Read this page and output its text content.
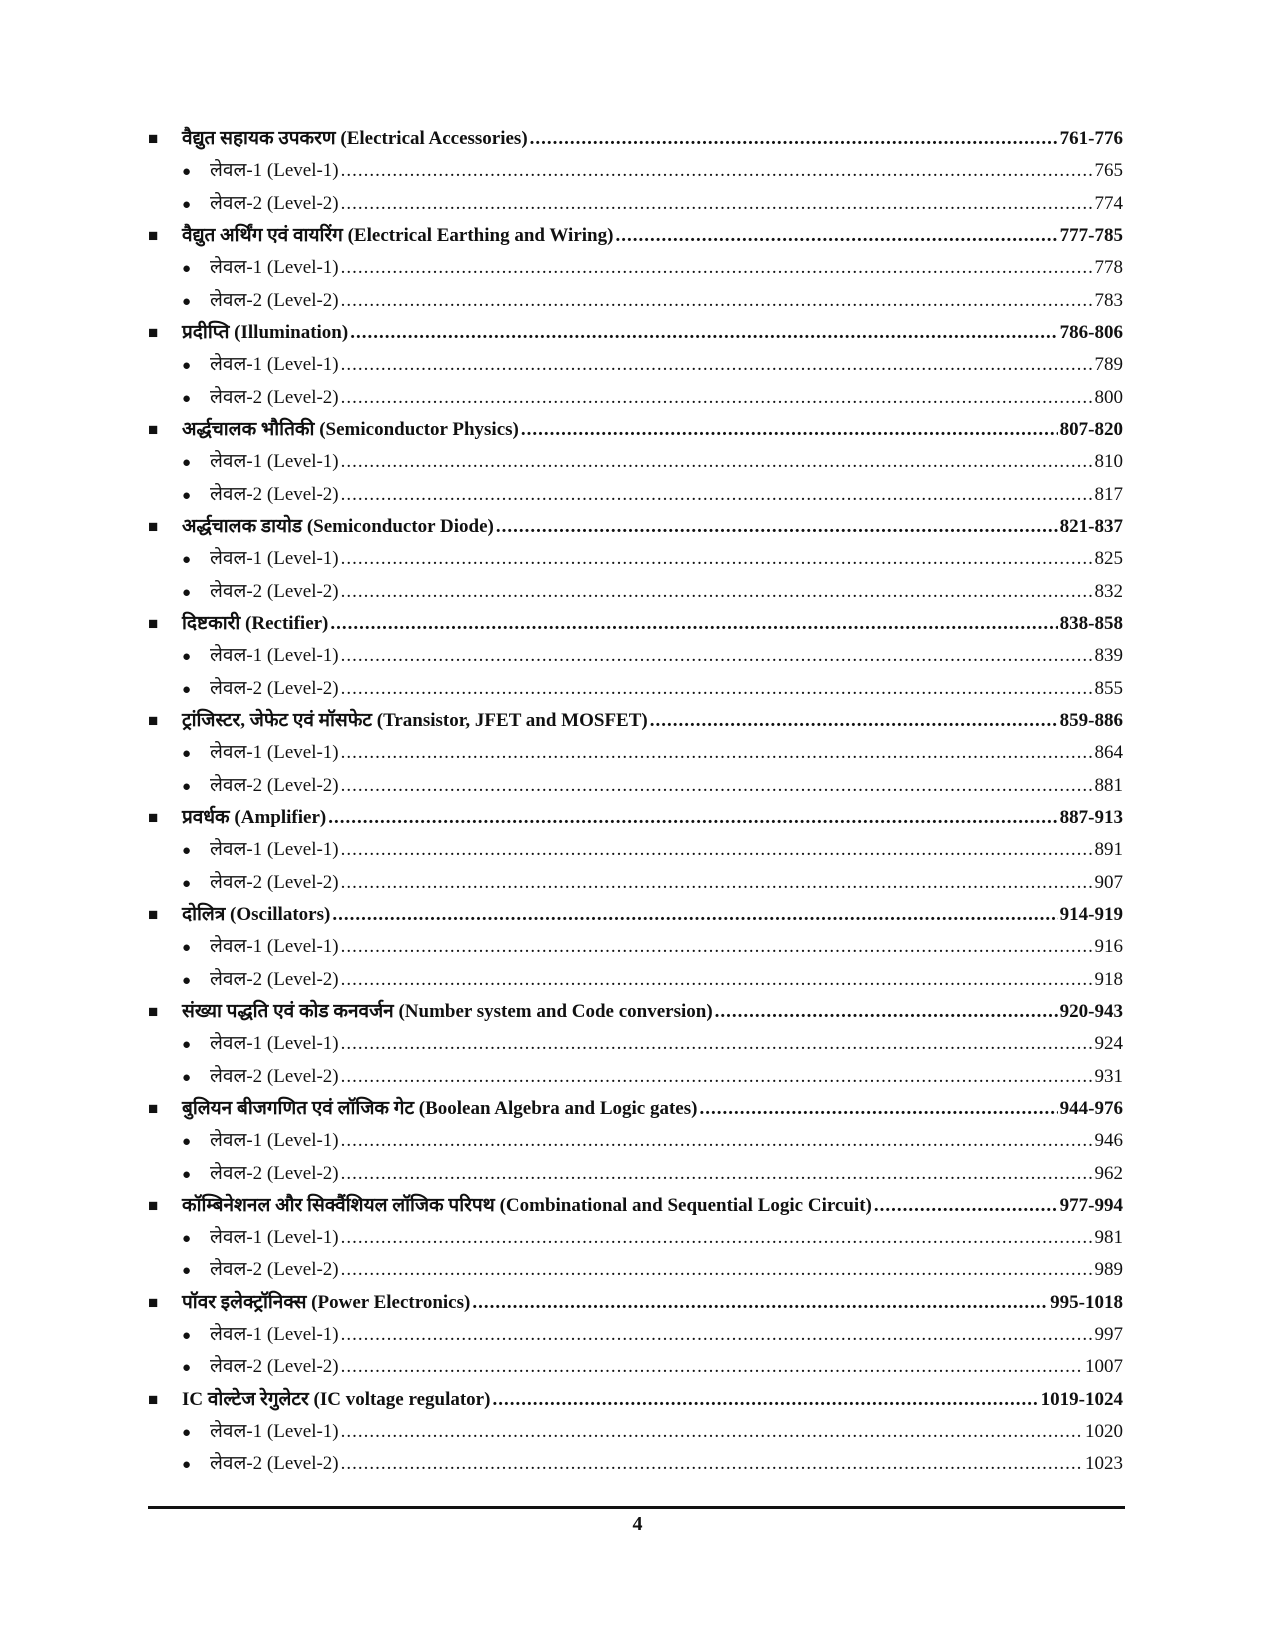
■	वैद्युत सहायक उपकरण (Electrical Accessories) .....	761-776
● लेवल-1 (Level-1) .....	765
● लेवल-2 (Level-2) .....	774
■	वैद्युत अर्थिंग एवं वायरिंग (Electrical Earthing and Wiring) .....	777-785
● लेवल-1 (Level-1) .....	778
● लेवल-2 (Level-2) .....	783
■	प्रदीप्ति (Illumination) .....	786-806
● लेवल-1 (Level-1) .....	789
● लेवल-2 (Level-2) .....	800
■	अर्द्धचालक भौतिकी (Semiconductor Physics) .....	807-820
● लेवल-1 (Level-1) .....	810
● लेवल-2 (Level-2) .....	817
■	अर्द्धचालक डायोड (Semiconductor Diode) .....	821-837
● लेवल-1 (Level-1) .....	825
● लेवल-2 (Level-2) .....	832
■	दिष्टकारी (Rectifier) .....	838-858
● लेवल-1 (Level-1) .....	839
● लेवल-2 (Level-2) .....	855
■	ट्रांजिस्टर, जेफेट एवं मॉसफेट (Transistor, JFET and MOSFET) .....	859-886
● लेवल-1 (Level-1) .....	864
● लेवल-2 (Level-2) .....	881
■	प्रवर्धक (Amplifier) .....	887-913
● लेवल-1 (Level-1) .....	891
● लेवल-2 (Level-2) .....	907
■	दोलित्र (Oscillators) .....	914-919
● लेवल-1 (Level-1) .....	916
● लेवल-2 (Level-2) .....	918
■	संख्या पद्धति एवं कोड कनवर्जन (Number system and Code conversion) .....	920-943
● लेवल-1 (Level-1) .....	924
● लेवल-2 (Level-2) .....	931
■	बुलियन बीजगणित एवं लॉजिक गेट (Boolean Algebra and Logic gates) .....	944-976
● लेवल-1 (Level-1) .....	946
● लेवल-2 (Level-2) .....	962
■	कॉम्बिनेशनल और सिक्वैंशियल लॉजिक परिपथ (Combinational and Sequential Logic Circuit) .....	977-994
● लेवल-1 (Level-1) .....	981
● लेवल-2 (Level-2) .....	989
■	पॉवर इलेक्ट्रॉनिक्स (Power Electronics) .....	995-1018
● लेवल-1 (Level-1) .....	997
● लेवल-2 (Level-2) .....	1007
■	IC वोल्टेज रेगुलेटर (IC voltage regulator) .....	1019-1024
● लेवल-1 (Level-1) .....	1020
● लेवल-2 (Level-2) .....	1023
4
